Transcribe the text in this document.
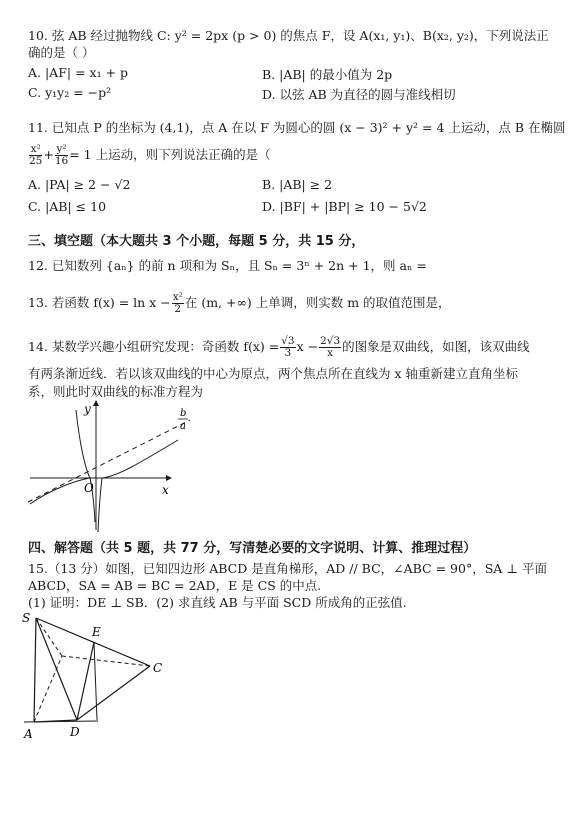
10. 弦 AB 经过抛物线 C: y² = 2px (p > 0) 的焦点 F，设 A(x₁, y₁)、B(x₂, y₂)，下列说法正
确的是（ ）
A. |AF| = x₁ + p	B. |AB| 的最小值为 2p
C. y₁y₂ = −p²	D. 以弦 AB 为直径的圆与准线相切
11. 已知点 P 的坐标为 (4,1)，点 A 在以 F 为圆心的圆 (x − 3)² + y² = 4 上运动，点 B 在椭圆
$\frac{\text{x²}}{25} + \frac{\text{y²}}{16} = 1$ 上运动，则下列说法正确的是（
A. |PA| ≥ 2 − √2	B. |AB| ≥ 2
C. |AB| ≤ 10	D. |BF| + |BP| ≥ 10 − 5√2
三、填空题（本大题共 3 个小题，每题 5 分，共 15 分，
12. 已知数列 {aₙ} 的前 n 项和为 Sₙ，且 Sₙ = 3ⁿ + 2n + 1，则 aₙ =
13. 若函数 $f(x) = \ln x - \frac{\text{x²}}{2}$ 在 (m, +∞) 上单调，则实数 m 的取值范围是，
14. 某数学兴趣小组研究发现：奇函数 $f(x) = \frac{√3}{3}$ $x - \frac{2√3}{x}$ 的图象是双曲线，如图，该双曲线
有两条渐近线．若以该双曲线的中心为原点，两个焦点所在直线为 x 轴重新建立直角坐标
系，则此时双曲线的标准方程为
y
x
O
b
a
四、解答题（共 5 题，共 77 分，写清楚必要的文字说明、计算、推理过程）
15.（13 分）如图，已知四边形 ABCD 是直角梯形，AD // BC，∠ABC = 90°，SA ⊥ 平面
ABCD，SA = AB = BC = 2AD，E 是 CS 的中点.
(1) 证明：DE ⊥ SB．(2) 求直线 AB 与平面 SCD 所成角的正弦值.
S
E
C
A	D
